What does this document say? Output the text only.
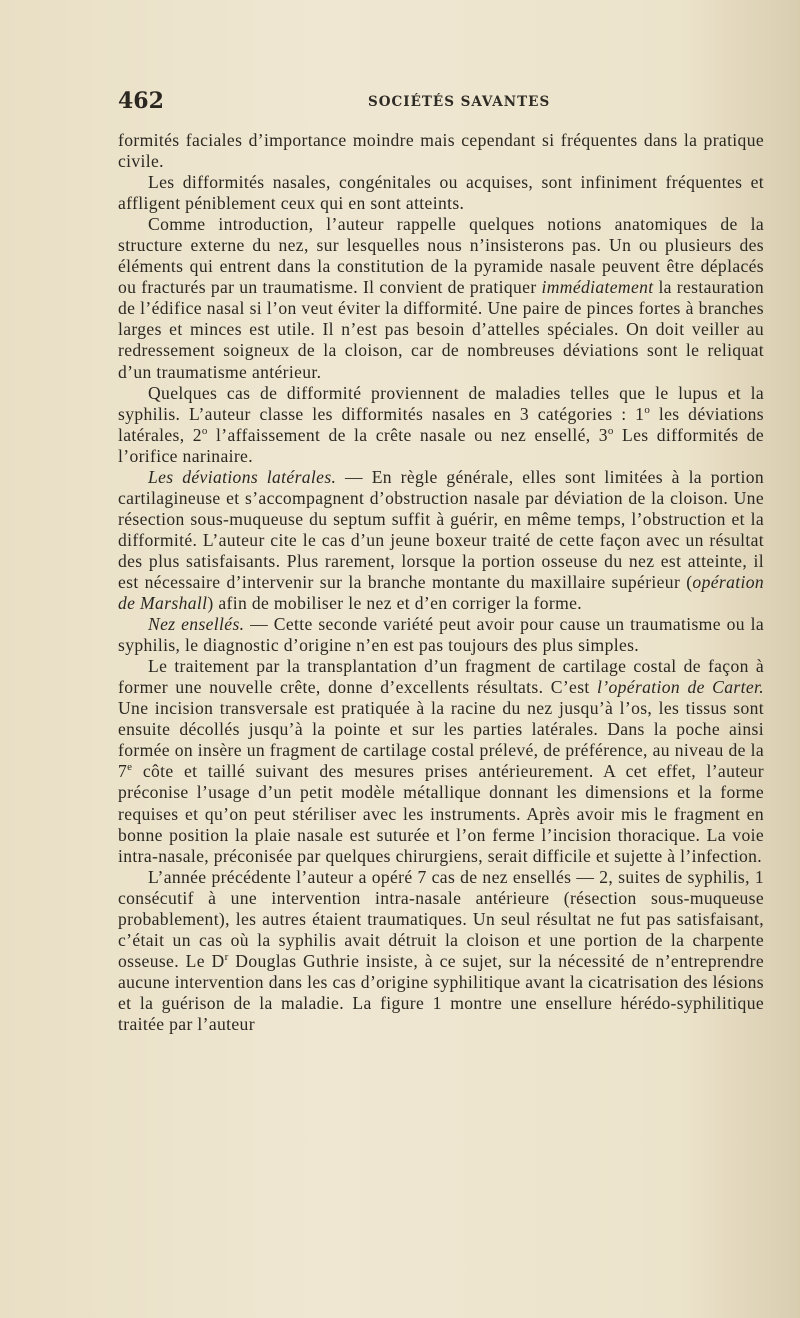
462	SOCIÉTÉS SAVANTES

formités faciales d’importance moindre mais cependant si fréquentes dans la pratique civile.

Les difformités nasales, congénitales ou acquises, sont infiniment fréquentes et affligent péniblement ceux qui en sont atteints.

Comme introduction, l’auteur rappelle quelques notions anatomiques de la structure externe du nez, sur lesquelles nous n’insisterons pas. Un ou plusieurs des éléments qui entrent dans la constitution de la pyramide nasale peuvent être déplacés ou fracturés par un traumatisme. Il convient de pratiquer immédiatement la restauration de l’édifice nasal si l’on veut éviter la difformité. Une paire de pinces fortes à branches larges et minces est utile. Il n’est pas besoin d’attelles spéciales. On doit veiller au redressement soigneux de la cloison, car de nombreuses déviations sont le reliquat d’un traumatisme antérieur.

Quelques cas de difformité proviennent de maladies telles que le lupus et la syphilis. L’auteur classe les difformités nasales en 3 catégories : 1$^o$ les déviations latérales, 2$^o$ l’affaissement de la crête nasale ou nez ensellé, 3$^o$ Les difformités de l’orifice narinaire.

Les déviations latérales. — En règle générale, elles sont limitées à la portion cartilagineuse et s’accompagnent d’obstruction nasale par déviation de la cloison. Une résection sous-muqueuse du septum suffit à guérir, en même temps, l’obstruction et la difformité. L’auteur cite le cas d’un jeune boxeur traité de cette façon avec un résultat des plus satisfaisants. Plus rarement, lorsque la portion osseuse du nez est atteinte, il est nécessaire d’intervenir sur la branche montante du maxillaire supérieur (opération de Marshall) afin de mobiliser le nez et d’en corriger la forme.

Nez ensellés. — Cette seconde variété peut avoir pour cause un traumatisme ou la syphilis, le diagnostic d’origine n’en est pas toujours des plus simples.

Le traitement par la transplantation d’un fragment de cartilage costal de façon à former une nouvelle crête, donne d’excellents résultats. C’est l’opération de Carter. Une incision transversale est pratiquée à la racine du nez jusqu’à l’os, les tissus sont ensuite décollés jusqu’à la pointe et sur les parties latérales. Dans la poche ainsi formée on insère un fragment de cartilage costal prélevé, de préférence, au niveau de la 7e côte et taillé suivant des mesures prises antérieurement. A cet effet, l’auteur préconise l’usage d’un petit modèle métallique donnant les dimensions et la forme requises et qu’on peut stériliser avec les instruments. Après avoir mis le fragment en bonne position la plaie nasale est suturée et l’on ferme l’incision thoracique. La voie intra-nasale, préconisée par quelques chirurgiens, serait difficile et sujette à l’infection.

L’année précédente l’auteur a opéré 7 cas de nez ensellés — 2, suites de syphilis, 1 consécutif à une intervention intra-nasale antérieure (résection sous-muqueuse probablement), les autres étaient traumatiques. Un seul résultat ne fut pas satisfaisant, c’était un cas où la syphilis avait détruit la cloison et une portion de la charpente osseuse. Le $D^r$ Douglas Guthrie insiste, à ce sujet, sur la nécessité de n’entreprendre aucune intervention dans les cas d’origine syphilitique avant la cicatrisation des lésions et la guérison de la maladie. La figure 1 montre une ensellure hérédo-syphilitique traitée par l’auteur
